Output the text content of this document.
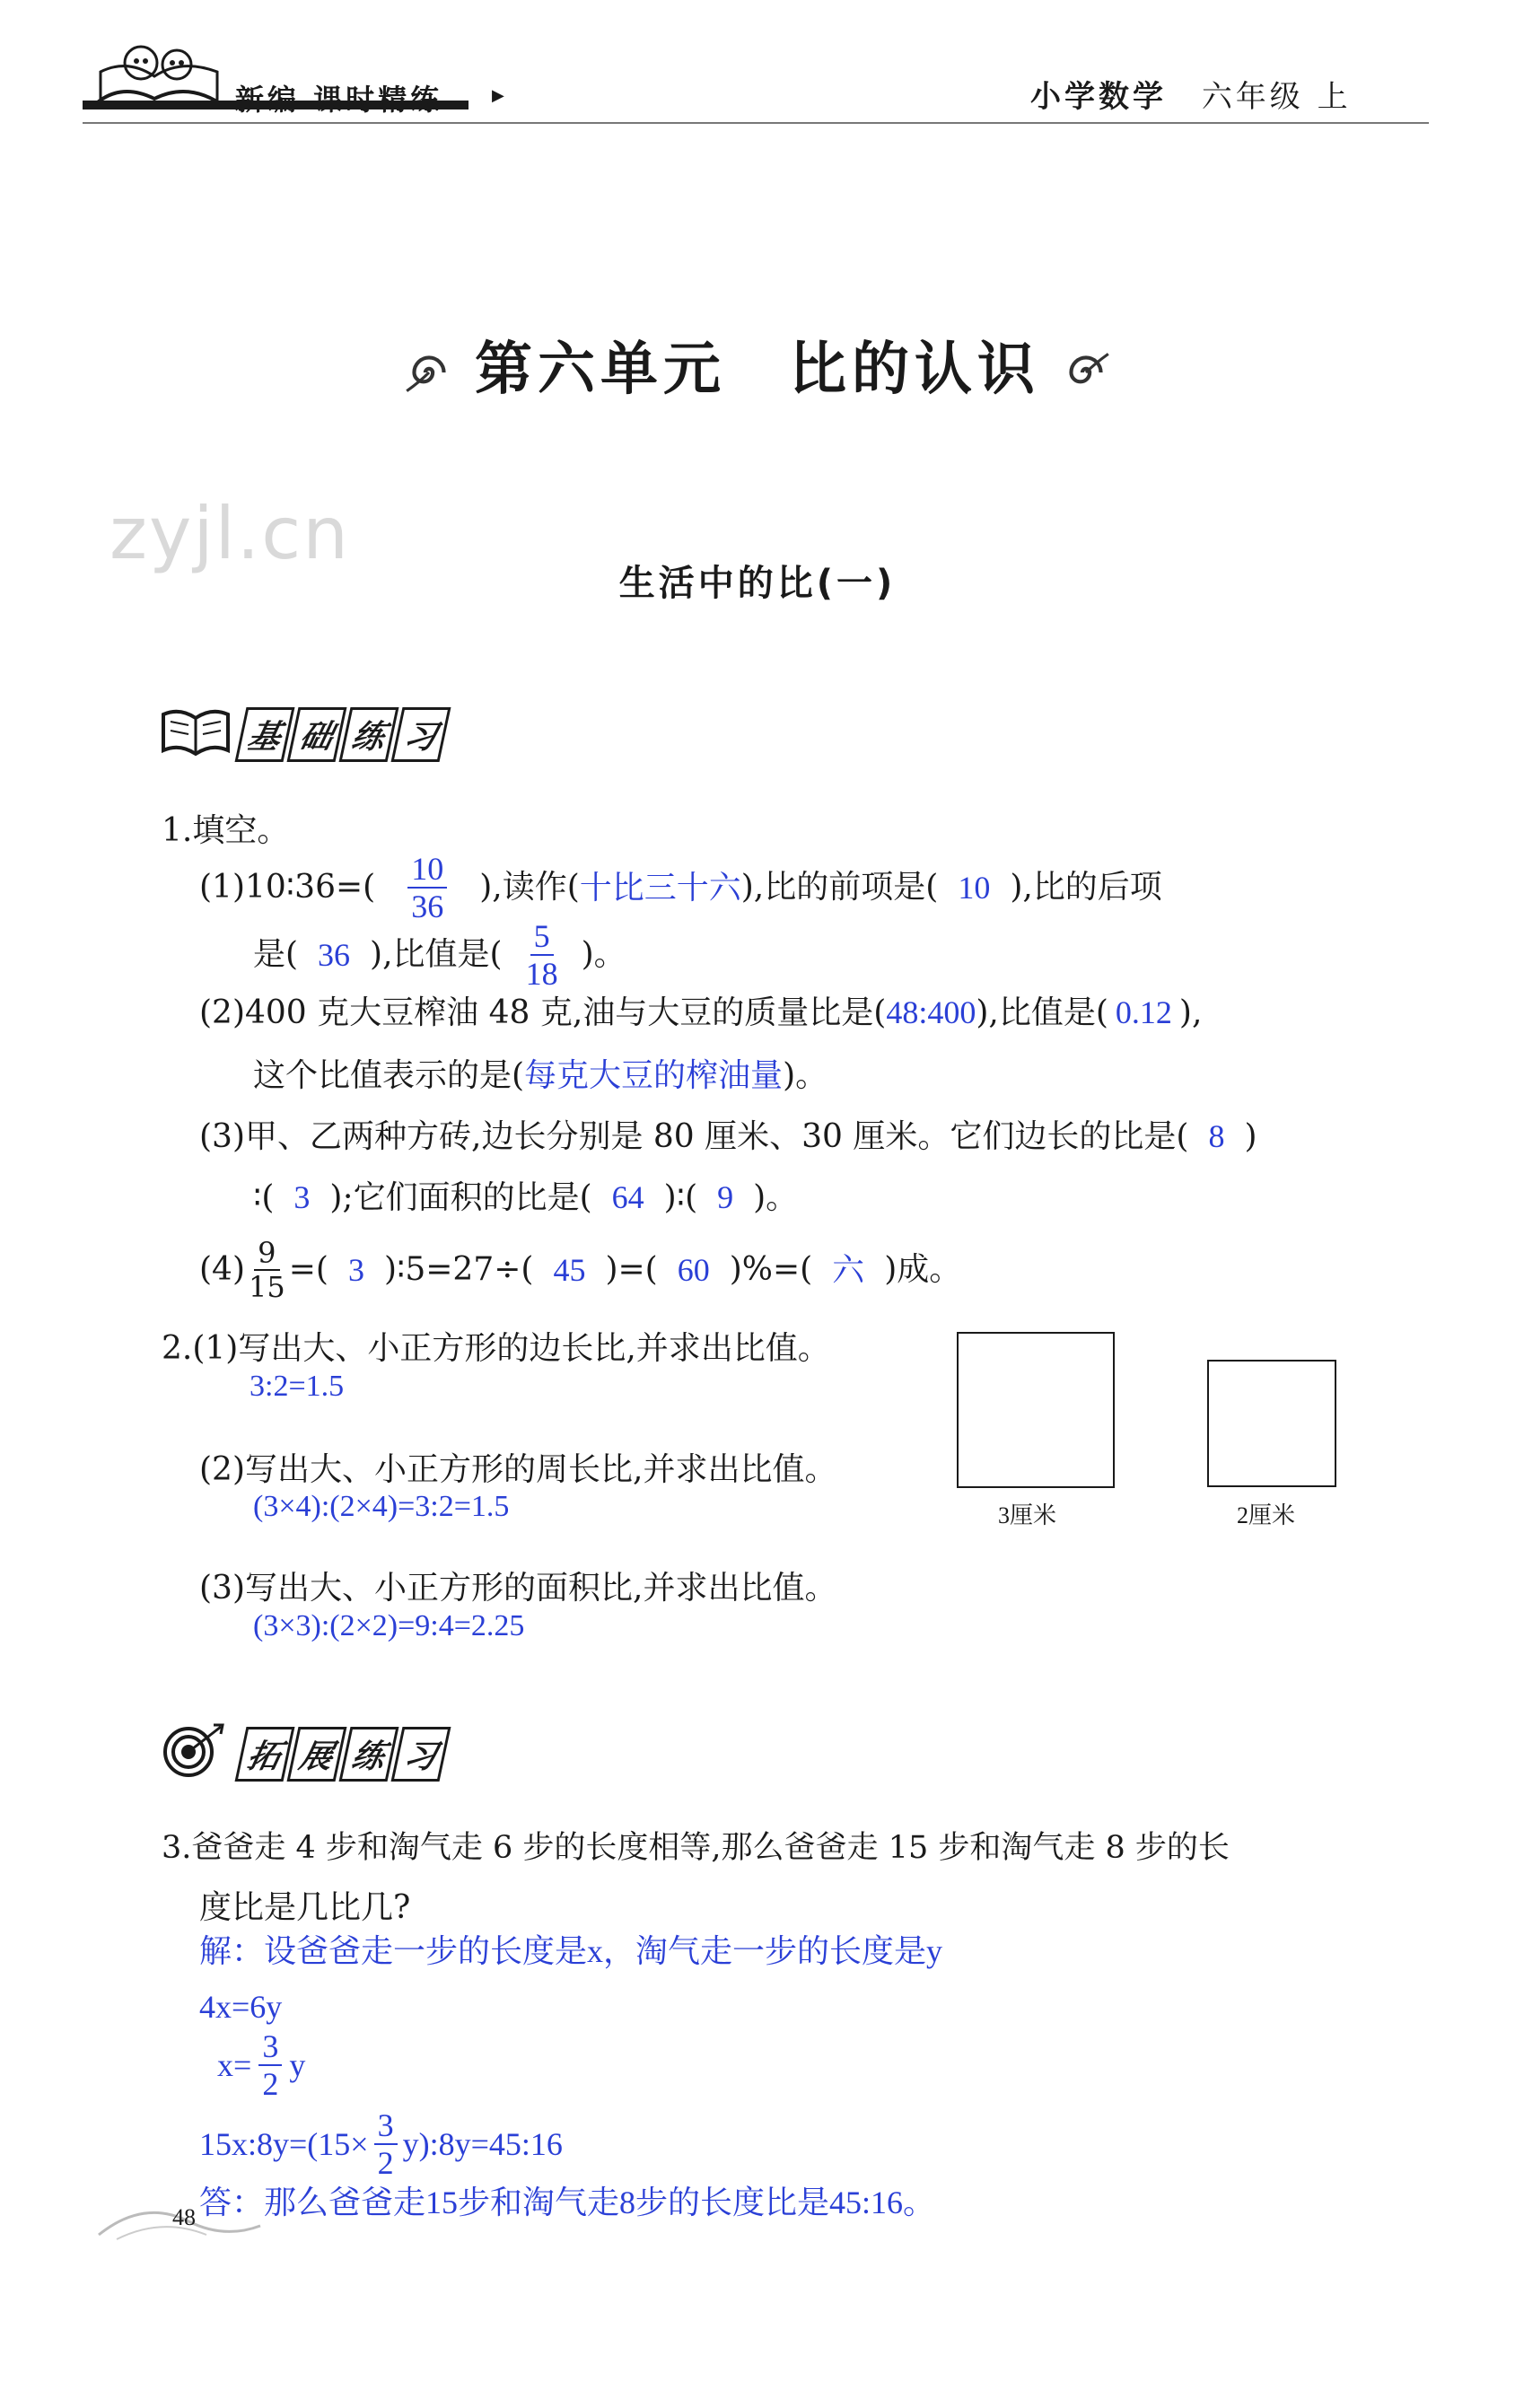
新编 课时精练	▶	小学数学 六年级 上
第六单元　比的认识
zyjl.cn
生活中的比(一)
基 础 练 习
1.填空。
(1)10∶36=( $\frac{10}{36}$ ),读作( 十比三十六 ),比的前项是( 10 ),比的后项
是( 36 ),比值是( $\frac{5}{18}$ )。
(2)400 克大豆榨油 48 克,油与大豆的质量比是(48:400),比值是( 0.12 ),
这个比值表示的是(每克大豆的榨油量)。
(3)甲、乙两种方砖,边长分别是 80 厘米、30 厘米。它们边长的比是( 8 )
∶( 3 );它们面积的比是( 64 )∶( 9 )。
$(4) \frac{9}{15}$ =( 3 )∶5=27÷( 45 )=( 60 )%=( 六 )成。
2.(1)写出大、小正方形的边长比,并求出比值。
3:2=1.5
(2)写出大、小正方形的周长比,并求出比值。
(3×4):(2×4)=3:2=1.5
(3)写出大、小正方形的面积比,并求出比值。
(3×3):(2×2)=9:4=2.25
3厘米	2厘米
拓 展 练 习
3.爸爸走 4 步和淘气走 6 步的长度相等,那么爸爸走 15 步和淘气走 8 步的长
度比是几比几?
解：设爸爸走一步的长度是x，淘气走一步的长度是y
4x=6y
$x= \frac{3}{2}$ y
15x:8y=(15× $\frac{3}{2}$ y):8y=45:16
答：那么爸爸走15步和淘气走8步的长度比是45:16。
48
